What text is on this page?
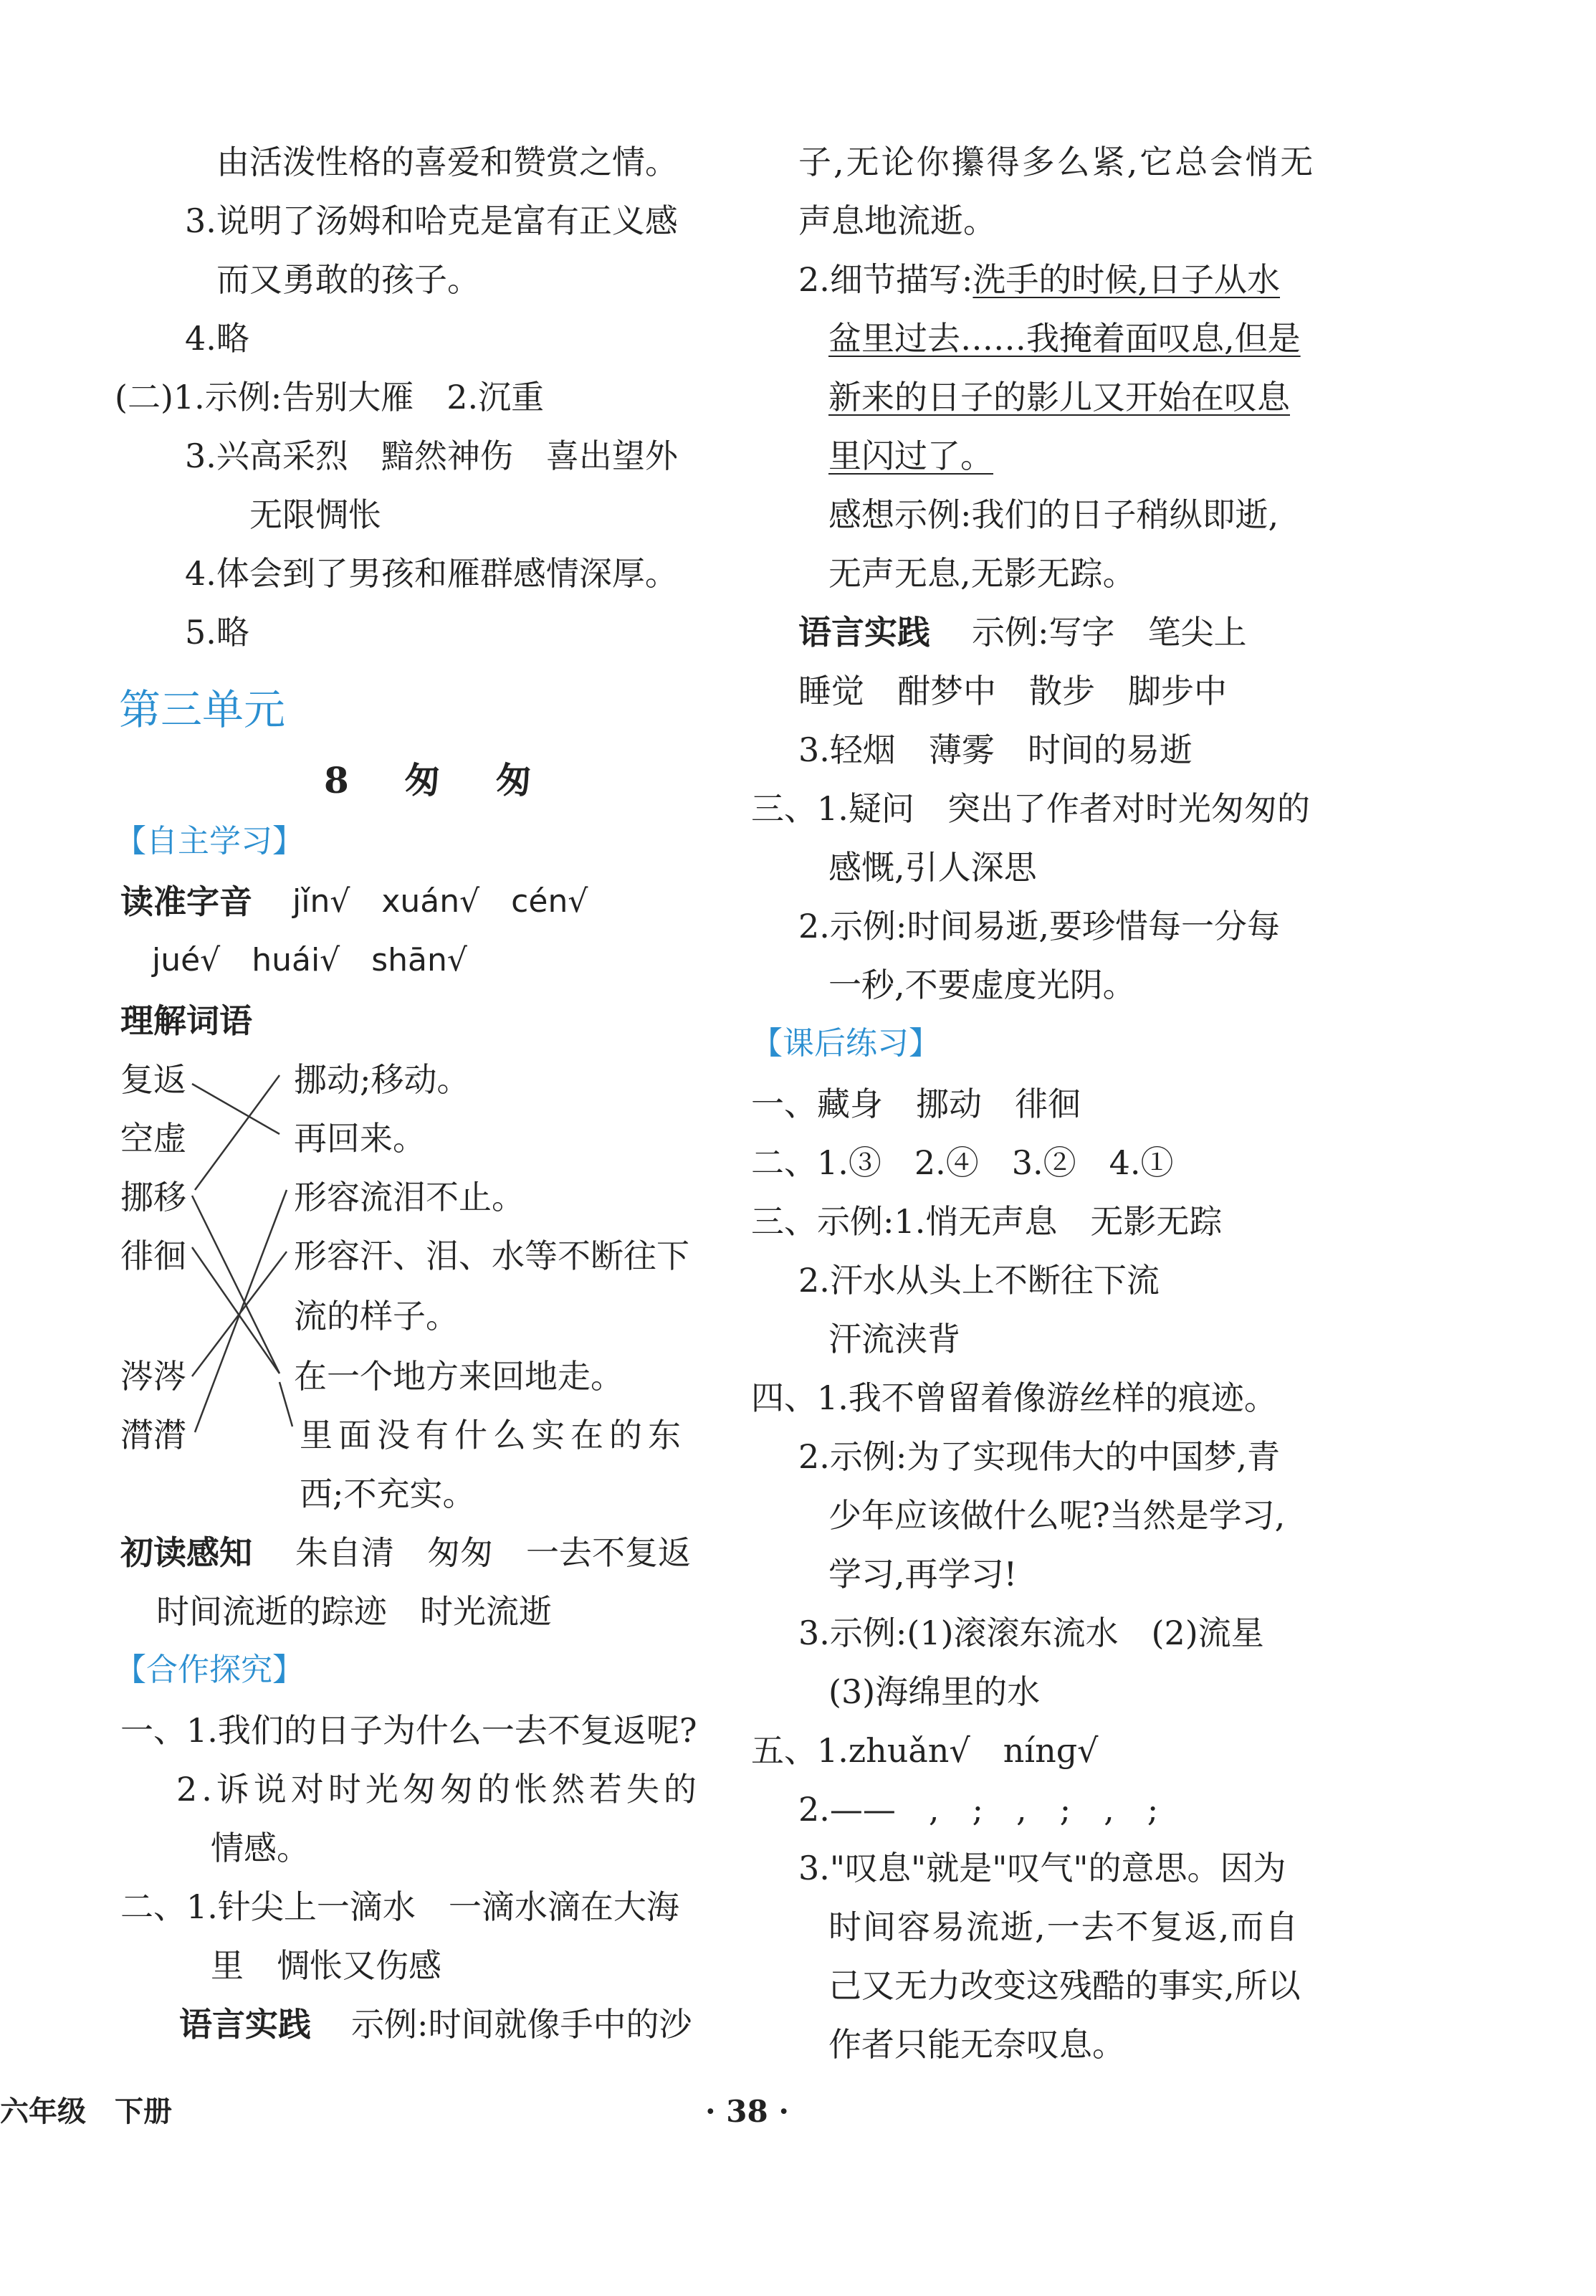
由活泼性格的喜爱和赞赏之情。
3.说明了汤姆和哈克是富有正义感
而又勇敢的孩子。
4.略
(二)1.示例:告别大雁　2.沉重
3.兴高采烈　黯然神伤　喜出望外
无限惆怅
4.体会到了男孩和雁群感情深厚。
5.略
第三单元
8 匆 匆
【自主学习】
读准字音 jǐn√　xuán√　cén√
jué√　huái√　shān√
理解词语
复返
空虚
挪移
徘徊
涔涔
潸潸
挪动;移动。
再回来。
形容流泪不止。
形容汗、泪、水等不断往下
流的样子。
在一个地方来回地走。
里面没有什么实在的东
西;不充实。
初读感知 朱自清　匆匆　一去不复返
时间流逝的踪迹　时光流逝
【合作探究】
一、1.我们的日子为什么一去不复返呢?
2.诉说对时光匆匆的怅然若失的
情感。
二、1.针尖上一滴水　一滴水滴在大海
里　惆怅又伤感
语言实践 示例:时间就像手中的沙
子,无论你攥得多么紧,它总会悄无
声息地流逝。
2.细节描写:洗手的时候,日子从水
盆里过去……我掩着面叹息,但是
新来的日子的影儿又开始在叹息
里闪过了。
感想示例:我们的日子稍纵即逝,
无声无息,无影无踪。
语言实践 示例:写字　笔尖上
睡觉　酣梦中　散步　脚步中
3.轻烟　薄雾　时间的易逝
三、1.疑问　突出了作者对时光匆匆的
感慨,引人深思
2.示例:时间易逝,要珍惜每一分每
一秒,不要虚度光阴。
【课后练习】
一、藏身　挪动　徘徊
二、1.③　2.④　3.②　4.①
三、示例:1.悄无声息　无影无踪
2.汗水从头上不断往下流
汗流浃背
四、1.我不曾留着像游丝样的痕迹。
2.示例:为了实现伟大的中国梦,青
少年应该做什么呢?当然是学习,
学习,再学习!
3.示例:(1)滚滚东流水　(2)流星
(3)海绵里的水
五、1.zhuǎn√　nínɡ√
2.——　,　;　,　;　,　;
3."叹息"就是"叹气"的意思。因为
时间容易流逝,一去不复返,而自
己又无力改变这残酷的事实,所以
作者只能无奈叹息。
六年级　下册	· 38 ·
